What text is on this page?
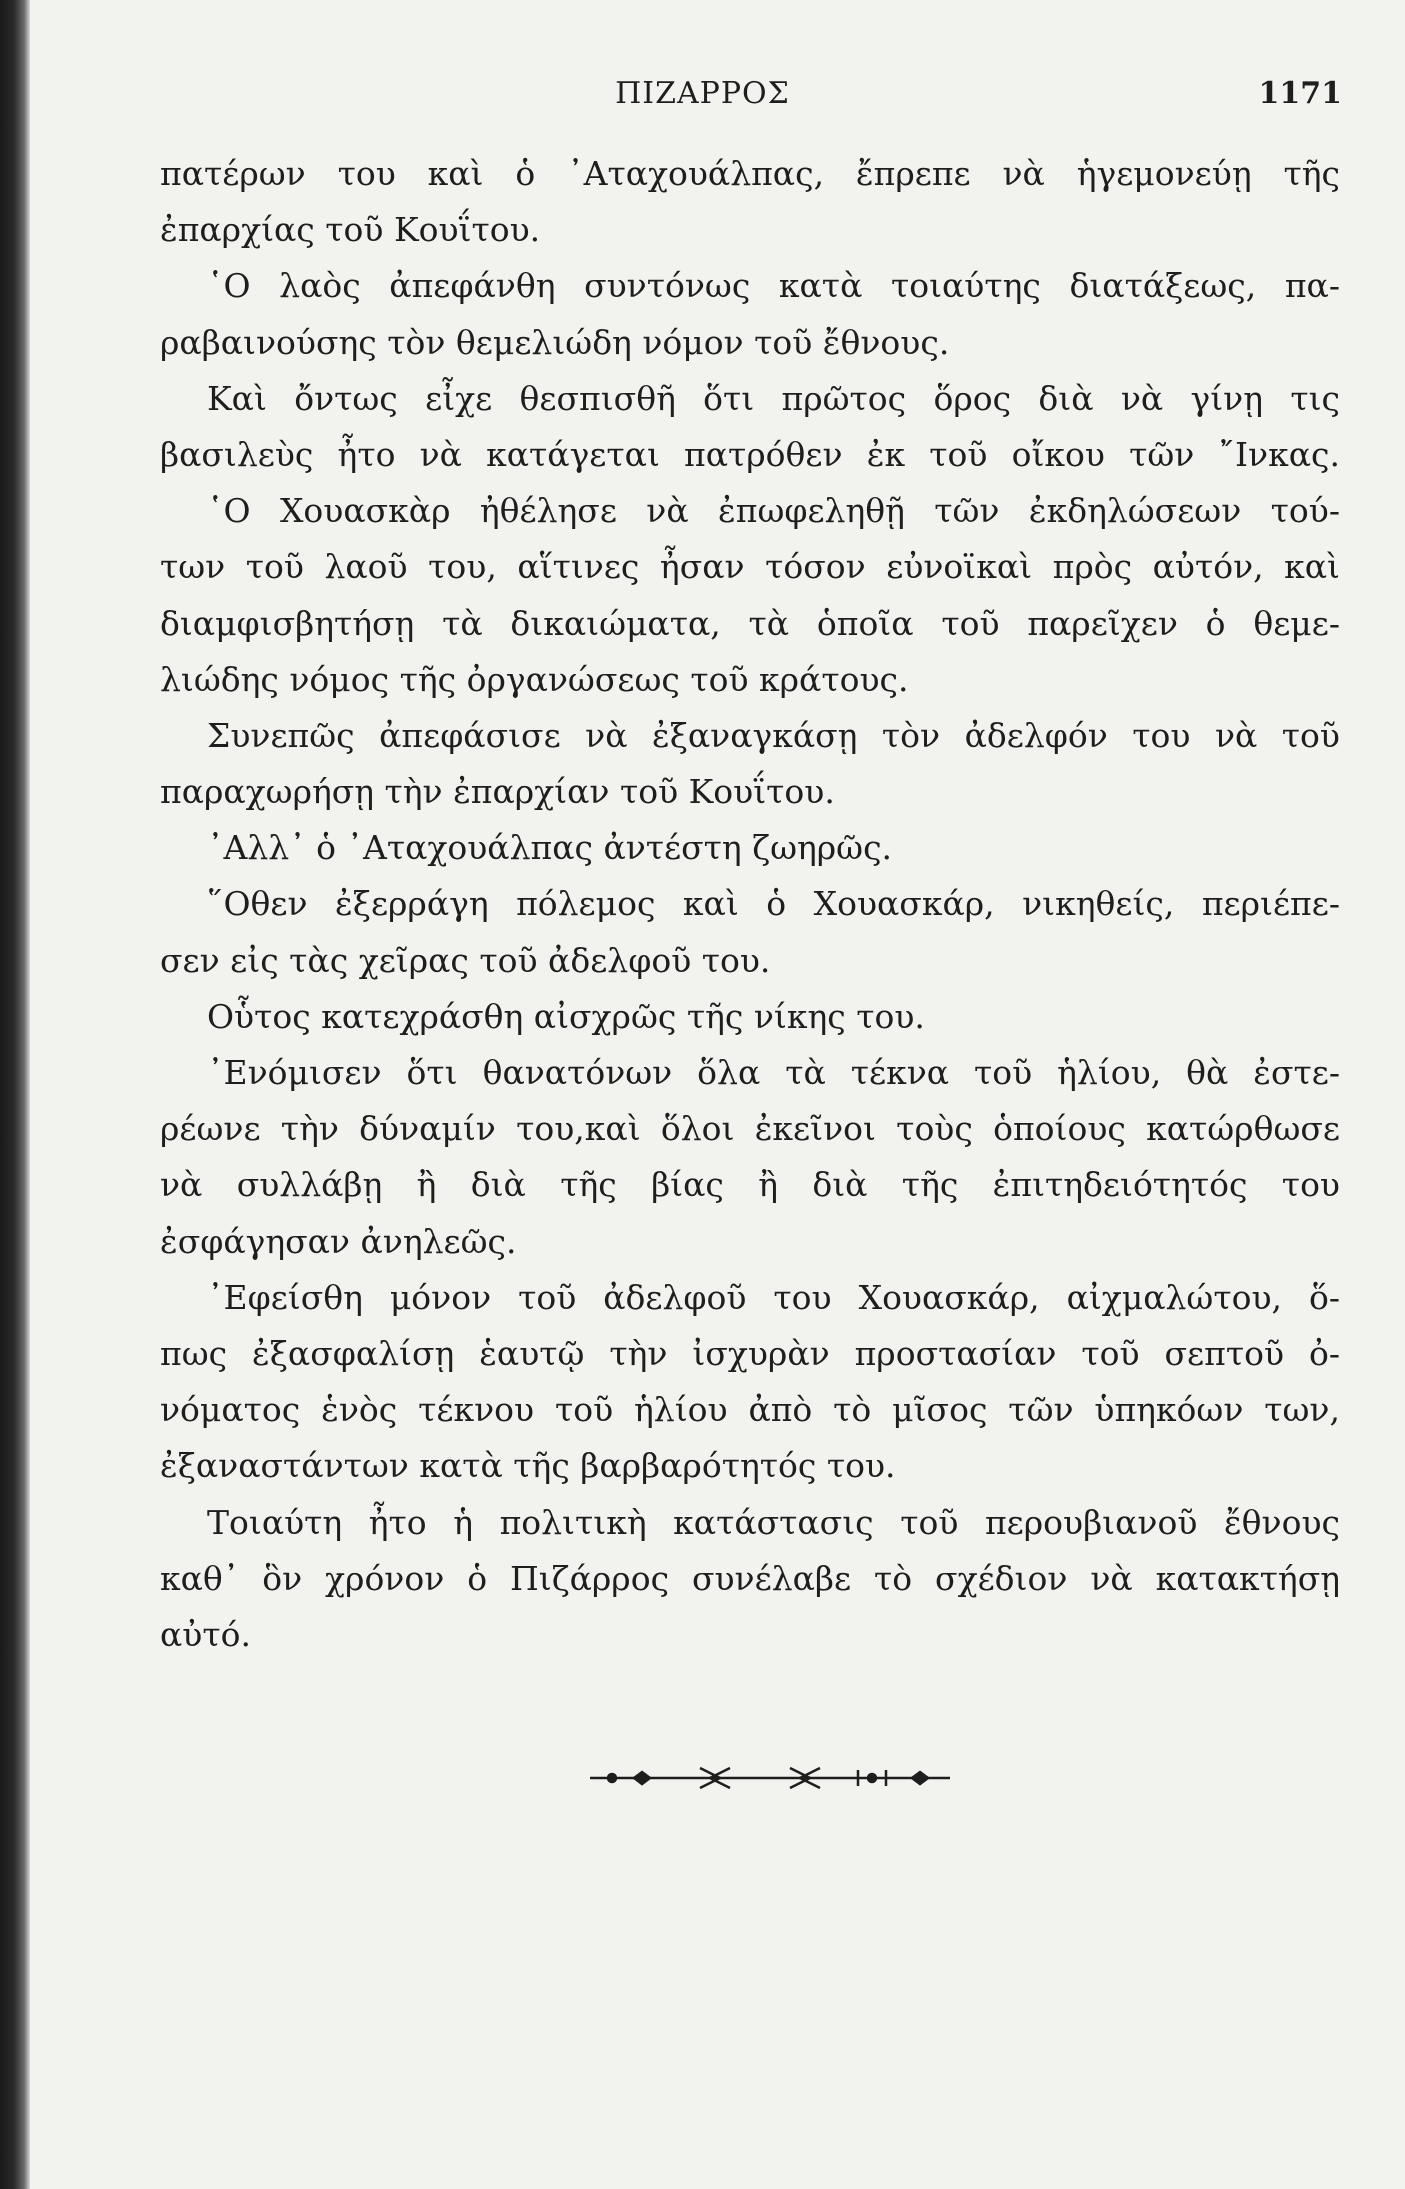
ΠΙΖΑΡΡΟΣ	1171
πατέρων του καὶ ὁ ᾿Αταχουάλπας, ἔπρεπε νὰ ἡγεμονεύῃ τῆς
ἐπαρχίας τοῦ Κουΐτου.
῾Ο λαὸς ἀπεφάνθη συντόνως κατὰ τοιαύτης διατάξεως, πα-
ραβαινούσης τὸν θεμελιώδη νόμον τοῦ ἔθνους.
Καὶ ὄντως εἶχε θεσπισθῆ ὅτι πρῶτος ὅρος διὰ νὰ γίνῃ τις
βασιλεὺς ἦτο νὰ κατάγεται πατρόθεν ἐκ τοῦ οἴκου τῶν ῎Ινκας.
῾Ο Χουασκὰρ ἠθέλησε νὰ ἐπωφεληθῇ τῶν ἐκδηλώσεων τού-
των τοῦ λαοῦ του, αἵτινες ἦσαν τόσον εὐνοϊκαὶ πρὸς αὐτόν, καὶ
διαμφισβητήσῃ τὰ δικαιώματα, τὰ ὁποῖα τοῦ παρεῖχεν ὁ θεμε-
λιώδης νόμος τῆς ὀργανώσεως τοῦ κράτους.
Συνεπῶς ἀπεφάσισε νὰ ἐξαναγκάσῃ τὸν ἀδελφόν του νὰ τοῦ
παραχωρήσῃ τὴν ἐπαρχίαν τοῦ Κουΐτου.
᾿Αλλ᾿ ὁ ᾿Αταχουάλπας ἀντέστη ζωηρῶς.
῞Οθεν ἐξερράγη πόλεμος καὶ ὁ Χουασκάρ, νικηθείς, περιέπε-
σεν εἰς τὰς χεῖρας τοῦ ἀδελφοῦ του.
Οὗτος κατεχράσθη αἰσχρῶς τῆς νίκης του.
᾿Ενόμισεν ὅτι θανατόνων ὅλα τὰ τέκνα τοῦ ἡλίου, θὰ ἐστε-
ρέωνε τὴν δύναμίν του,καὶ ὅλοι ἐκεῖνοι τοὺς ὁποίους κατώρθωσε
νὰ συλλάβῃ ἢ διὰ τῆς βίας ἢ διὰ τῆς ἐπιτηδειότητός του
ἐσφάγησαν ἀνηλεῶς.
᾿Εφείσθη μόνον τοῦ ἀδελφοῦ του Χουασκάρ, αἰχμαλώτου, ὅ-
πως ἐξασφαλίσῃ ἑαυτῷ τὴν ἰσχυρὰν προστασίαν τοῦ σεπτοῦ ὀ-
νόματος ἑνὸς τέκνου τοῦ ἡλίου ἀπὸ τὸ μῖσος τῶν ὑπηκόων των,
ἐξαναστάντων κατὰ τῆς βαρβαρότητός του.
Τοιαύτη ἦτο ἡ πολιτικὴ κατάστασις τοῦ περουβιανοῦ ἔθνους
καθ᾿ ὃν χρόνον ὁ Πιζάρρος συνέλαβε τὸ σχέδιον νὰ κατακτήσῃ
αὐτό.
